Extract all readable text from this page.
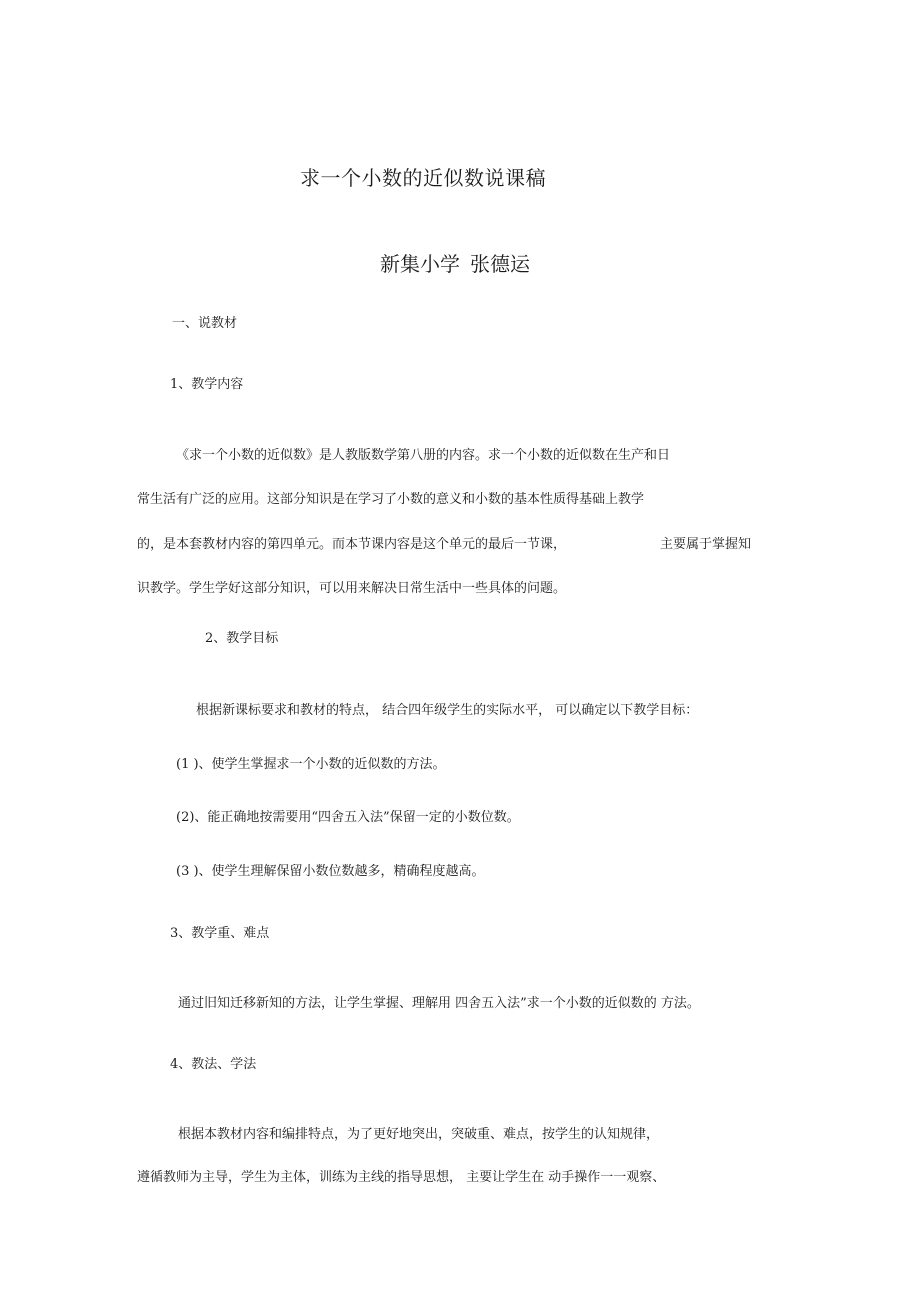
求一个小数的近似数说课稿
新集小学 张德运
一、说教材
1、教学内容
《求一个小数的近似数》是人教版数学第八册的内容。求一个小数的近似数在生产和日
常生活有广泛的应用。这部分知识是在学习了小数的意义和小数的基本性质得基础上教学
的，是本套教材内容的第四单元。而本节课内容是这个单元的最后一节课，	主要属于掌握知
识教学。学生学好这部分知识，可以用来解决日常生活中一些具体的问题。
2、教学目标
根据新课标要求和教材的特点， 结合四年级学生的实际水平， 可以确定以下教学目标：
(1 )、使学生掌握求一个小数的近似数的方法。
(2)、能正确地按需要用“四舍五入法”保留一定的小数位数。
(3 )、使学生理解保留小数位数越多，精确程度越高。
3、教学重、难点
通过旧知迁移新知的方法，让学生掌握、理解用 四舍五入法”求一个小数的近似数的 方法。
4、教法、学法
根据本教材内容和编排特点，为了更好地突出，突破重、难点，按学生的认知规律，
遵循教师为主导，学生为主体，训练为主线的指导思想， 主要让学生在 动手操作一一观察、
